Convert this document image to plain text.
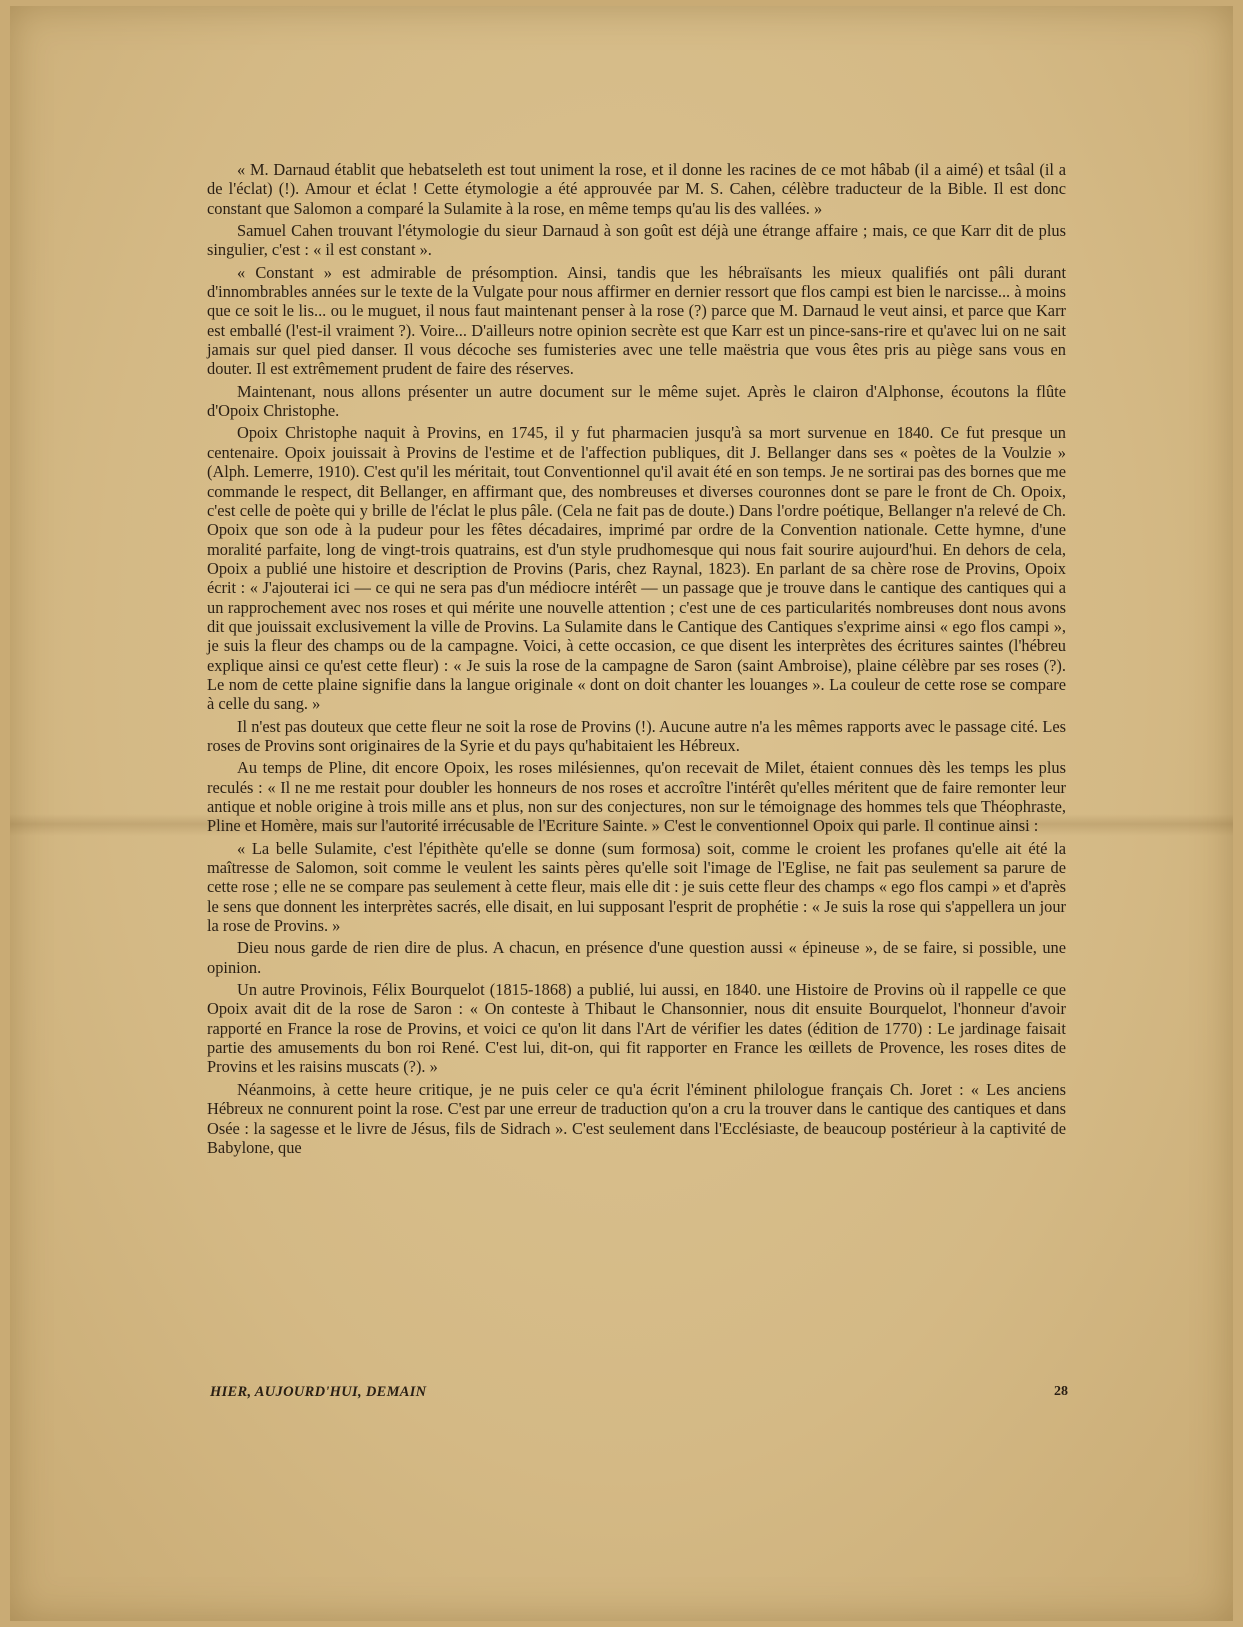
« M. Darnaud établit que hebatseleth est tout uniment la rose, et il donne les racines de ce mot hâbab (il a aimé) et tsâal (il a de l'éclat) (!). Amour et éclat ! Cette étymologie a été approuvée par M. S. Cahen, célèbre traducteur de la Bible. Il est donc constant que Salomon a comparé la Sulamite à la rose, en même temps qu'au lis des vallées. »

Samuel Cahen trouvant l'étymologie du sieur Darnaud à son goût est déjà une étrange affaire ; mais, ce que Karr dit de plus singulier, c'est : « il est constant ».

« Constant » est admirable de présomption. Ainsi, tandis que les hébraïsants les mieux qualifiés ont pâli durant d'innombrables années sur le texte de la Vulgate pour nous affirmer en dernier ressort que flos campi est bien le narcisse... à moins que ce soit le lis... ou le muguet, il nous faut maintenant penser à la rose (?) parce que M. Darnaud le veut ainsi, et parce que Karr est emballé (l'est-il vraiment ?). Voire... D'ailleurs notre opinion secrète est que Karr est un pince-sans-rire et qu'avec lui on ne sait jamais sur quel pied danser. Il vous décoche ses fumisteries avec une telle maëstria que vous êtes pris au piège sans vous en douter. Il est extrêmement prudent de faire des réserves.

Maintenant, nous allons présenter un autre document sur le même sujet. Après le clairon d'Alphonse, écoutons la flûte d'Opoix Christophe.

Opoix Christophe naquit à Provins, en 1745, il y fut pharmacien jusqu'à sa mort survenue en 1840. Ce fut presque un centenaire. Opoix jouissait à Provins de l'estime et de l'affection publiques, dit J. Bellanger dans ses « poètes de la Voulzie » (Alph. Lemerre, 1910). C'est qu'il les méritait, tout Conventionnel qu'il avait été en son temps. Je ne sortirai pas des bornes que me commande le respect, dit Bellanger, en affirmant que, des nombreuses et diverses couronnes dont se pare le front de Ch. Opoix, c'est celle de poète qui y brille de l'éclat le plus pâle. (Cela ne fait pas de doute.) Dans l'ordre poétique, Bellanger n'a relevé de Ch. Opoix que son ode à la pudeur pour les fêtes décadaires, imprimé par ordre de la Convention nationale. Cette hymne, d'une moralité parfaite, long de vingt-trois quatrains, est d'un style prudhomesque qui nous fait sourire aujourd'hui. En dehors de cela, Opoix a publié une histoire et description de Provins (Paris, chez Raynal, 1823). En parlant de sa chère rose de Provins, Opoix écrit : « J'ajouterai ici — ce qui ne sera pas d'un médiocre intérêt — un passage que je trouve dans le cantique des cantiques qui a un rapprochement avec nos roses et qui mérite une nouvelle attention ; c'est une de ces particularités nombreuses dont nous avons dit que jouissait exclusivement la ville de Provins. La Sulamite dans le Cantique des Cantiques s'exprime ainsi « ego flos campi », je suis la fleur des champs ou de la campagne. Voici, à cette occasion, ce que disent les interprètes des écritures saintes (l'hébreu explique ainsi ce qu'est cette fleur) : « Je suis la rose de la campagne de Saron (saint Ambroise), plaine célèbre par ses roses (?). Le nom de cette plaine signifie dans la langue originale « dont on doit chanter les louanges ». La couleur de cette rose se compare à celle du sang. »

Il n'est pas douteux que cette fleur ne soit la rose de Provins (!). Aucune autre n'a les mêmes rapports avec le passage cité. Les roses de Provins sont originaires de la Syrie et du pays qu'habitaient les Hébreux.

Au temps de Pline, dit encore Opoix, les roses milésiennes, qu'on recevait de Milet, étaient connues dès les temps les plus reculés : « Il ne me restait pour doubler les honneurs de nos roses et accroître l'intérêt qu'elles méritent que de faire remonter leur antique et noble origine à trois mille ans et plus, non sur des conjectures, non sur le témoignage des hommes tels que Théophraste, Pline et Homère, mais sur l'autorité irrécusable de l'Ecriture Sainte. » C'est le conventionnel Opoix qui parle. Il continue ainsi :

« La belle Sulamite, c'est l'épithète qu'elle se donne (sum formosa) soit, comme le croient les profanes qu'elle ait été la maîtresse de Salomon, soit comme le veulent les saints pères qu'elle soit l'image de l'Eglise, ne fait pas seulement sa parure de cette rose ; elle ne se compare pas seulement à cette fleur, mais elle dit : je suis cette fleur des champs « ego flos campi » et d'après le sens que donnent les interprètes sacrés, elle disait, en lui supposant l'esprit de prophétie : « Je suis la rose qui s'appellera un jour la rose de Provins. »

Dieu nous garde de rien dire de plus. A chacun, en présence d'une question aussi « épineuse », de se faire, si possible, une opinion.

Un autre Provinois, Félix Bourquelot (1815-1868) a publié, lui aussi, en 1840. une Histoire de Provins où il rappelle ce que Opoix avait dit de la rose de Saron : « On conteste à Thibaut le Chansonnier, nous dit ensuite Bourquelot, l'honneur d'avoir rapporté en France la rose de Provins, et voici ce qu'on lit dans l'Art de vérifier les dates (édition de 1770) : Le jardinage faisait partie des amusements du bon roi René. C'est lui, dit-on, qui fit rapporter en France les œillets de Provence, les roses dites de Provins et les raisins muscats (?). »

Néanmoins, à cette heure critique, je ne puis celer ce qu'a écrit l'éminent philologue français Ch. Joret : « Les anciens Hébreux ne connurent point la rose. C'est par une erreur de traduction qu'on a cru la trouver dans le cantique des cantiques et dans Osée : la sagesse et le livre de Jésus, fils de Sidrach ». C'est seulement dans l'Ecclésiaste, de beaucoup postérieur à la captivité de Babylone, que

HIER, AUJOURD'HUI, DEMAIN	28
